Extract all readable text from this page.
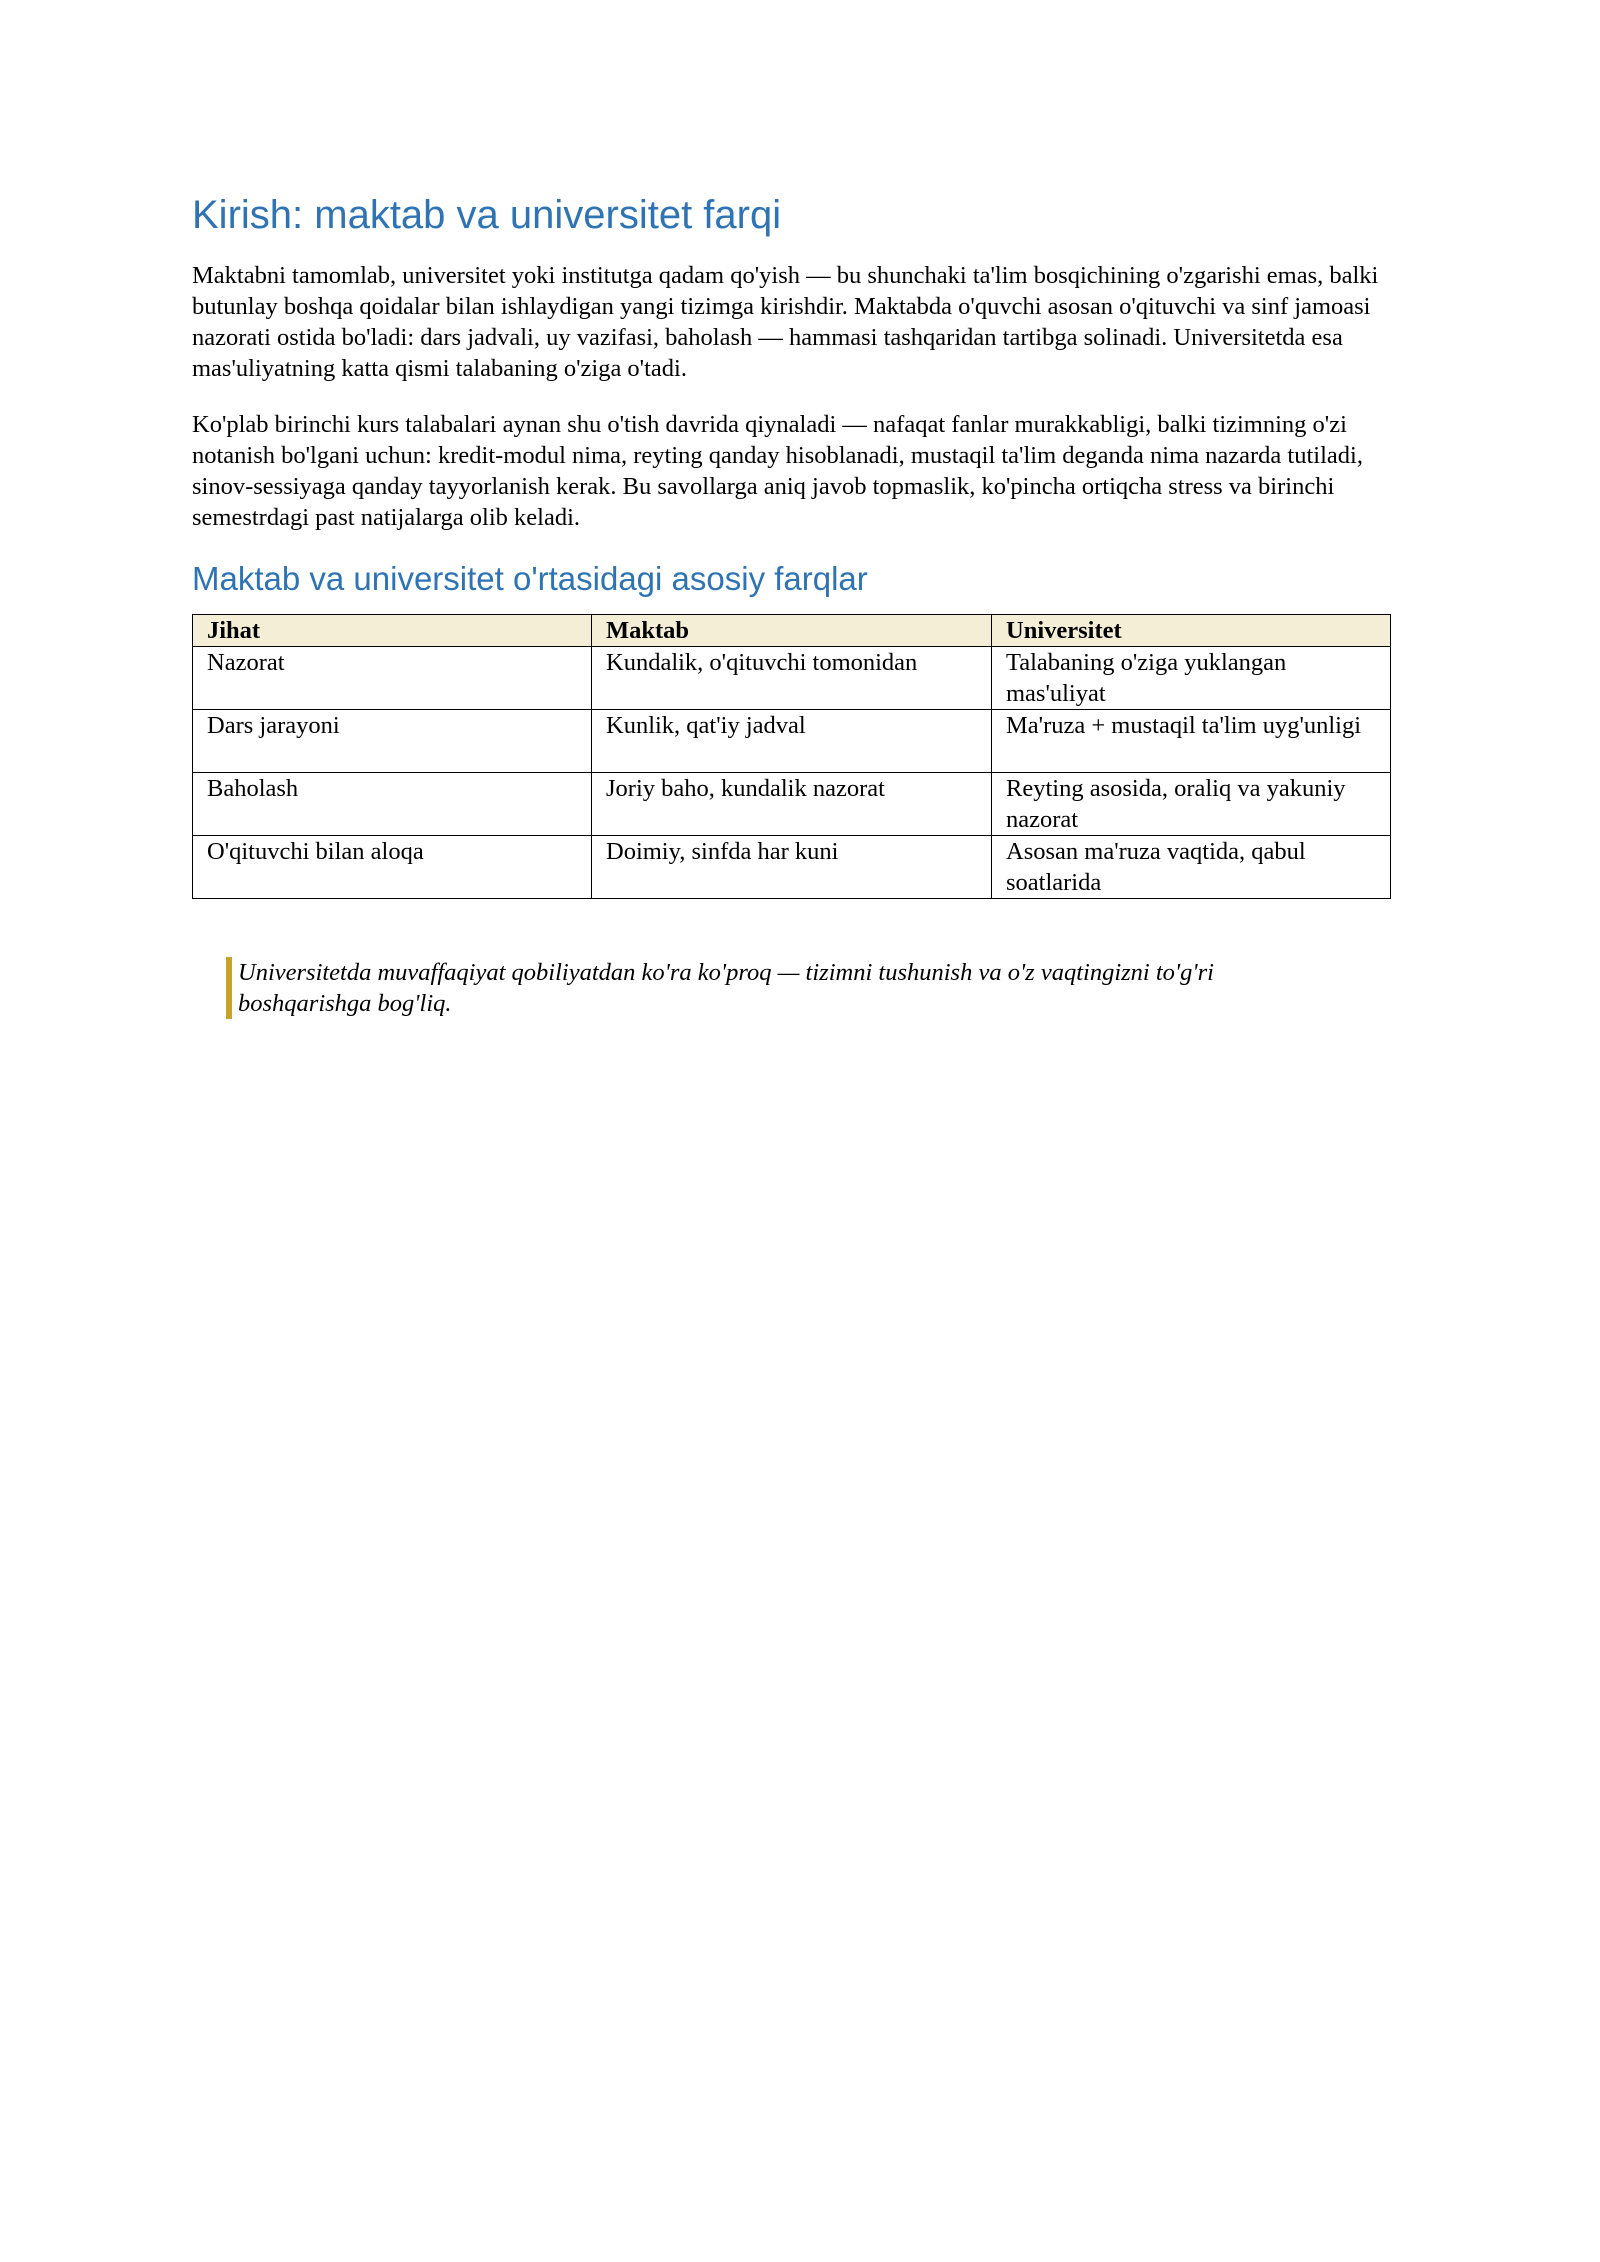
Kirish: maktab va universitet farqi

Maktabni tamomlab, universitet yoki institutga qadam qo'yish — bu shunchaki ta'lim bosqichining o'zgarishi emas, balki butunlay boshqa qoidalar bilan ishlaydigan yangi tizimga kirishdir. Maktabda o'quvchi asosan o'qituvchi va sinf jamoasi nazorati ostida bo'ladi: dars jadvali, uy vazifasi, baholash — hammasi tashqaridan tartibga solinadi. Universitetda esa mas'uliyatning katta qismi talabaning o'ziga o'tadi.

Ko'plab birinchi kurs talabalari aynan shu o'tish davrida qiynaladi — nafaqat fanlar murakkabligi, balki tizimning o'zi notanish bo'lgani uchun: kredit-modul nima, reyting qanday hisoblanadi, mustaqil ta'lim deganda nima nazarda tutiladi, sinov-sessiyaga qanday tayyorlanish kerak. Bu savollarga aniq javob topmaslik, ko'pincha ortiqcha stress va birinchi semestrdagi past natijalarga olib keladi.

Maktab va universitet o'rtasidagi asosiy farqlar
Jihat	Maktab	Universitet
Nazorat	Kundalik, o'qituvchi tomonidan	Talabaning o'ziga yuklangan mas'uliyat
Dars jarayoni	Kunlik, qat'iy jadval	Ma'ruza + mustaqil ta'lim uyg'unligi
Baholash	Joriy baho, kundalik nazorat	Reyting asosida, oraliq va yakuniy nazorat
O'qituvchi bilan aloqa	Doimiy, sinfda har kuni	Asosan ma'ruza vaqtida, qabul soatlarida
Universitetda muvaffaqiyat qobiliyatdan ko'ra ko'proq — tizimni tushunish va o'z vaqtingizni to'g'ri boshqarishga bog'liq.
